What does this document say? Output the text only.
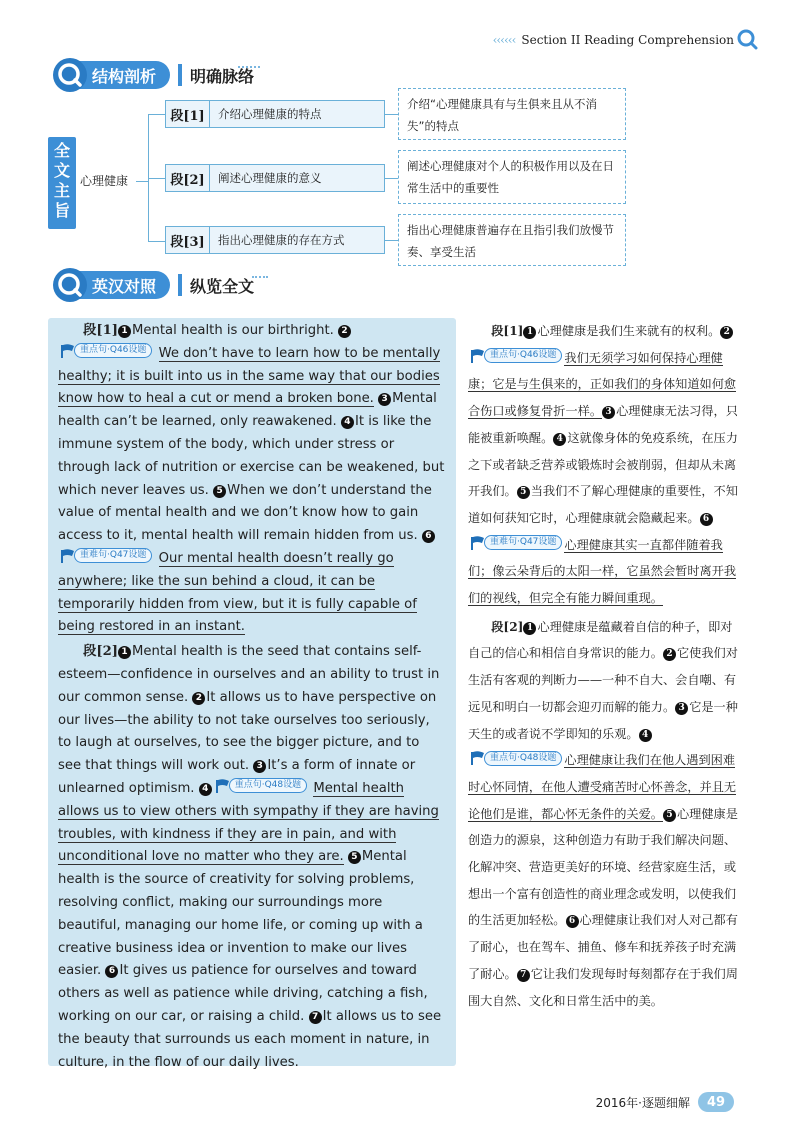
‹‹‹‹‹‹ Section II Reading Comprehension
结构剖析	明确脉络
全
文
主
旨
心理健康
段[1]	介绍心理健康的特点
段[2]	阐述心理健康的意义
段[3]	指出心理健康的存在方式
介绍“心理健康具有与生俱来且从不消失”的特点
阐述心理健康对个人的积极作用以及在日常生活中的重要性
指出心理健康普遍存在且指引我们放慢节奏、享受生活
英汉对照	纵览全文

段[1] 1 Mental health is our birthright. 2
重点句·Q46设题 We don’t have to learn how to be mentally healthy; it is built into us in the same way that our bodies know how to heal a cut or mend a broken bone. 3 Mental health can’t be learned, only reawakened. 4 It is like the immune system of the body, which under stress or through lack of nutrition or exercise can be weakened, but which never leaves us. 5 When we don’t understand the value of mental health and we don’t know how to gain access to it, mental health will remain hidden from us. 6
重难句·Q47设题 Our mental health doesn’t really go anywhere; like the sun behind a cloud, it can be temporarily hidden from view, but it is fully capable of being restored in an instant.

段[2] 1 Mental health is the seed that contains self-esteem—confidence in ourselves and an ability to trust in our common sense. 2 It allows us to have perspective on our lives—the ability to not take ourselves too seriously, to laugh at ourselves, to see the bigger picture, and to see that things will work out. 3 It’s a form of innate or unlearned optimism. 4	重点句·Q48设题 Mental health allows us to view others with sympathy if they are having troubles, with kindness if they are in pain, and with unconditional love no matter who they are. 5 Mental health is the source of creativity for solving problems, resolving conflict, making our surroundings more beautiful, managing our home life, or coming up with a creative business idea or invention to make our lives easier. 6 It gives us patience for ourselves and toward others as well as patience while driving, catching a fish, working on our car, or raising a child. 7 It allows us to see the beauty that surrounds us each moment in nature, in culture, in the flow of our daily lives.

段[1] 1 心理健康是我们生来就有的权利。 2
重点句·Q46设题 我们无须学习如何保持心理健康；它是与生俱来的，正如我们的身体知道如何愈合伤口或修复骨折一样。 3 心理健康无法习得，只能被重新唤醒。 4 这就像身体的免疫系统，在压力之下或者缺乏营养或锻炼时会被削弱，但却从未离开我们。 5 当我们不了解心理健康的重要性，不知道如何获知它时，心理健康就会隐藏起来。 6
重难句·Q47设题 心理健康其实一直都伴随着我们；像云朵背后的太阳一样，它虽然会暂时离开我们的视线，但完全有能力瞬间重现。

段[2] 1 心理健康是蕴藏着自信的种子，即对自己的信心和相信自身常识的能力。 2 它使我们对生活有客观的判断力——一种不自大、会自嘲、有远见和明白一切都会迎刃而解的能力。 3 它是一种天生的或者说不学即知的乐观。 4
重点句·Q48设题 心理健康让我们在他人遇到困难时心怀同情，在他人遭受痛苦时心怀善念，并且无论他们是谁，都心怀无条件的关爱。 5 心理健康是创造力的源泉，这种创造力有助于我们解决问题、化解冲突、营造更美好的环境、经营家庭生活，或想出一个富有创造性的商业理念或发明，以使我们的生活更加轻松。 6 心理健康让我们对人对己都有了耐心，也在驾车、捕鱼、修车和抚养孩子时充满了耐心。 7 它让我们发现每时每刻都存在于我们周围大自然、文化和日常生活中的美。

2016年·逐题细解	49
